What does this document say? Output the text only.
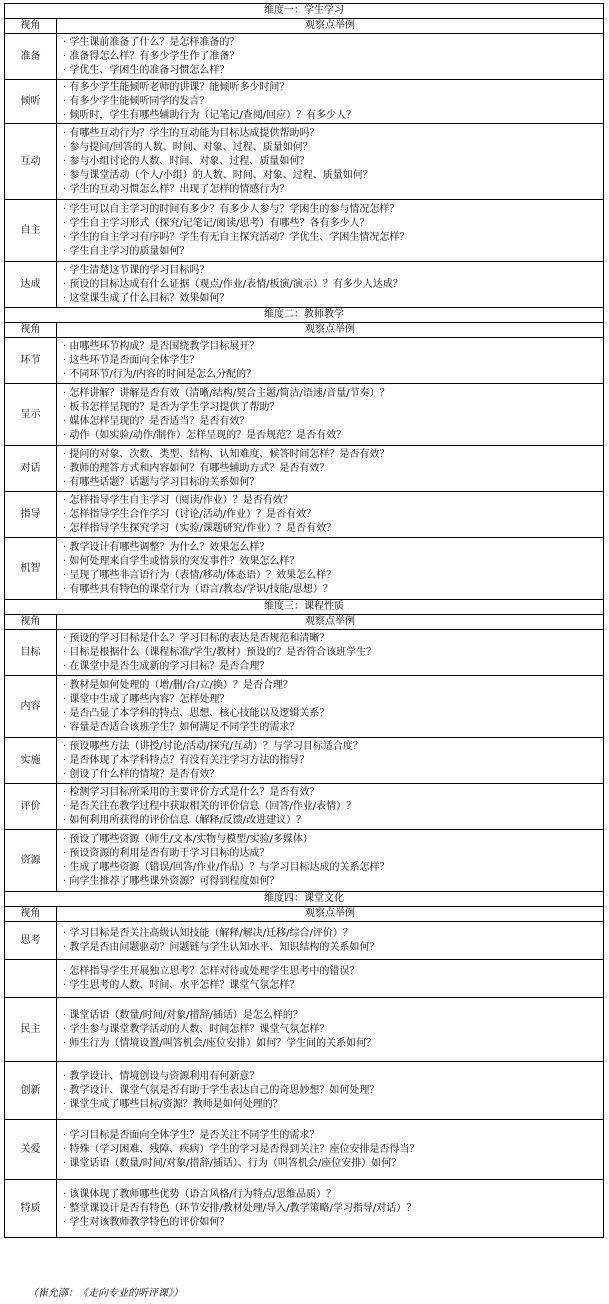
维度一：学生学习	
视角	观察点举例
准备	· 学生课前准备了什么？是怎样准备的？
· 准备得怎么样？有多少学生作了准备？
· 学优生、学困生的准备习惯怎么样？

倾听	· 有多少学生能倾听老师的讲课？能倾听多少时间？
· 有多少学生能倾听同学的发言？
· 倾听时，学生有哪些辅助行为（记笔记/查阅/回应）？有多少人？

互动	· 有哪些互动行为？学生的互动能为目标达成提供帮助吗？
· 参与提问/回答的人数、时间、对象、过程、质量如何？
· 参与小组讨论的人数、时间、对象、过程、质量如何？
· 参与课堂活动（个人/小组）的人数、时间、对象、过程、质量如何？
· 学生的互动习惯怎么样？出现了怎样的情感行为？

自主	· 学生可以自主学习的时间有多少？有多少人参与？学困生的参与情况怎样？
· 学生自主学习形式（探究/记笔记/阅读/思考）有哪些？各有多少人？
· 学生的自主学习有序吗？学生有无自主探究活动？学优生、学困生情况怎样？
· 学生自主学习的质量如何？

达成	· 学生清楚这节课的学习目标吗？
· 预设的目标达成有什么证据（观点/作业/表情/板演/演示）？有多少人达成？
· 这堂课生成了什么目标？效果如何？

维度二：教师教学	
视角	观察点举例
环节	· 由哪些环节构成？是否围绕教学目标展开？
· 这些环节是否面向全体学生？
· 不同环节/行为/内容的时间是怎么分配的？

呈示	· 怎样讲解？讲解是否有效（清晰/结构/契合主题/简洁/语速/音量/节奏）？
· 板书怎样呈现的？是否为学生学习提供了帮助？
· 媒体怎样呈现的？是否适当？是否有效？
· 动作（如实验/动作/制作）怎样呈现的？是否规范？是否有效？

对话	· 提问的对象、次数、类型、结构、认知难度、候答时间怎样？是否有效？
· 教师的理答方式和内容如何？有哪些辅助方式？是否有效？
· 有哪些话题？话题与学习目标的关系如何？

指导	· 怎样指导学生自主学习（阅读/作业）？是否有效？
· 怎样指导学生合作学习（讨论/活动/作业）？是否有效？
· 怎样指导学生探究学习（实验/课题研究/作业）？是否有效？

机智	· 教学设计有哪些调整？为什么？效果怎么样？
· 如何处理来自学生或情景的突发事件？效果怎么样？
· 呈现了哪些非言语行为（表情/移动/体态语）？效果怎么样？
· 有哪些具有特色的课堂行为（语言/教态/学识/技能/思想）？

维度三：课程性质	
视角	观察点举例
目标	· 预设的学习目标是什么？学习目标的表达是否规范和清晰？
· 目标是根据什么（课程标准/学生/教材）预设的？是否符合该班学生？
· 在课堂中是否生成新的学习目标？是否合理？

内容	· 教材是如何处理的（增/删/合/立/换）？是否合理？
· 课堂中生成了哪些内容？怎样处理？
· 是否凸显了本学科的特点、思想、核心技能以及逻辑关系？
· 容量是否适合该班学生？如何满足不同学生的需求？

实施	· 预设哪些方法（讲授/讨论/活动/探究/互动）？与学习目标适合度？
· 是否体现了本学科特点？有没有关注学习方法的指导？
· 创设了什么样的情境？是否有效？

评价	· 检测学习目标所采用的主要评价方式是什么？是否有效？
· 是否关注在教学过程中获取相关的评价信息（回答/作业/表情）？
· 如何利用所获得的评价信息（解释/反馈/改进建议）？

资源	· 预设了哪些资源（师生/文本/实物与模型/实验/多媒体）
· 预设资源的利用是否有助于学习目标的达成？
· 生成了哪些资源（错误/回答/作业/作品）？与学习目标达成的关系怎样？
· 向学生推荐了哪些课外资源？可得到程度如何？

维度四：课堂文化	
视角	观察点举例
思考	· 学习目标是否关注高级认知技能（解释/解决/迁移/综合/评价）？
· 教学是否由问题驱动？问题链与学生认知水平、知识结构的关系如何？

	· 怎样指导学生开展独立思考？怎样对待或处理学生思考中的错误？
· 学生思考的人数、时间、水平怎样？课堂气氛怎样？

民主	· 课堂话语（数量/时间/对象/措辞/插话）是怎么样的？
· 学生参与课堂教学活动的人数、时间怎样？课堂气氛怎样？
· 师生行为（情境设置/叫答机会/座位安排）如何？学生间的关系如何？

创新	· 教学设计、情境创设与资源利用有何新意？
· 教学设计、课堂气氛是否有助于学生表达自己的奇思妙想？如何处理？
· 课堂生成了哪些目标/资源？教师是如何处理的？

关爱	· 学习目标是否面向全体学生？是否关注不同学生的需求？
· 特殊（学习困难、残障、疾病）学生的学习是否得到关注？座位安排是否得当？
· 课堂话语（数量/时间/对象/措辞/插话）、行为（叫答机会/座位安排）如何？

特质	· 该课体现了教师哪些优势（语言风格/行为特点/思维品质）？
· 整堂课设计是否有特色（环节安排/教材处理/导入/教学策略/学习指导/对话）？
· 学生对该教师教学特色的评价如何？
（崔允漷：《走向专业的听评课》）
